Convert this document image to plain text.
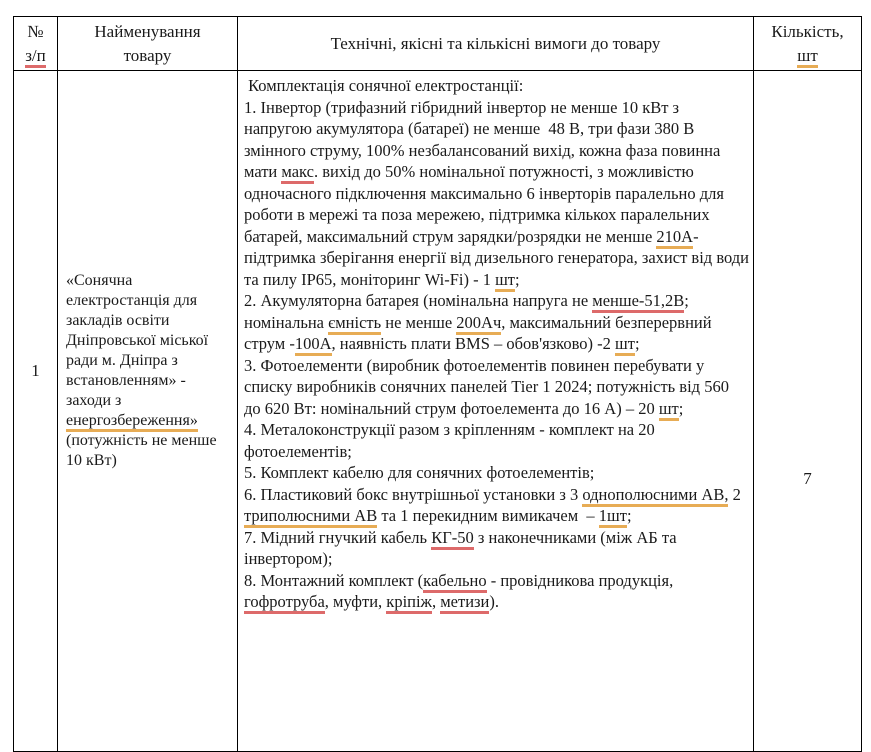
№

з/п

Найменування

товару

Технічні, якісні та кількісні вимоги до товару

Кількість,

шт

1

«Сонячна електростанція для закладів освіти Дніпровської міської ради м. Дніпра з встановленням» - заходи з енергозбереження» (потужність не менше 10 кВт)

Комплектація сонячної електростанції:

1. Інвертор (трифазний гібридний інвертор не менше 10 кВт з напругою акумулятора (батареї) не менше  48 В, три фази 380 В змінного струму, 100% незбалансований вихід, кожна фаза повинна мати макс. вихід до 50% номінальної потужності, з можливістю одночасного підключення максимально 6 інверторів паралельно для роботи в мережі та поза мережею, підтримка кількох паралельних батарей, максимальний струм зарядки/розрядки не менше 210А- підтримка зберігання енергії від дизельного генератора, захист від води та пилу IP65, моніторинг Wi-Fi) - 1 шт;

2. Акумуляторна батарея (номінальна напруга не менше-51,2В; номінальна ємність не менше 200Ач, максимальний безперервний струм -100А, наявність плати BMS – обов'язково) -2 шт;

3. Фотоелементи (виробник фотоелементів повинен перебувати у списку виробників сонячних панелей Tier 1 2024; потужність від 560 до 620 Вт: номінальний струм фотоелемента до 16 А) – 20 шт;

4. Металоконструкції разом з кріпленням - комплект на 20 фотоелементів;

5. Комплект кабелю для сонячних фотоелементів;

6. Пластиковий бокс внутрішньої установки з 3 однополюсними АВ, 2 триполюсними АВ та 1 перекидним вимикачем  – 1шт;

7. Мідний гнучкий кабель КГ-50 з наконечниками (між АБ та інвертором);

8. Монтажний комплект (кабельно - провідникова продукція, гофротруба, муфти, кріпіж, метизи).

7
